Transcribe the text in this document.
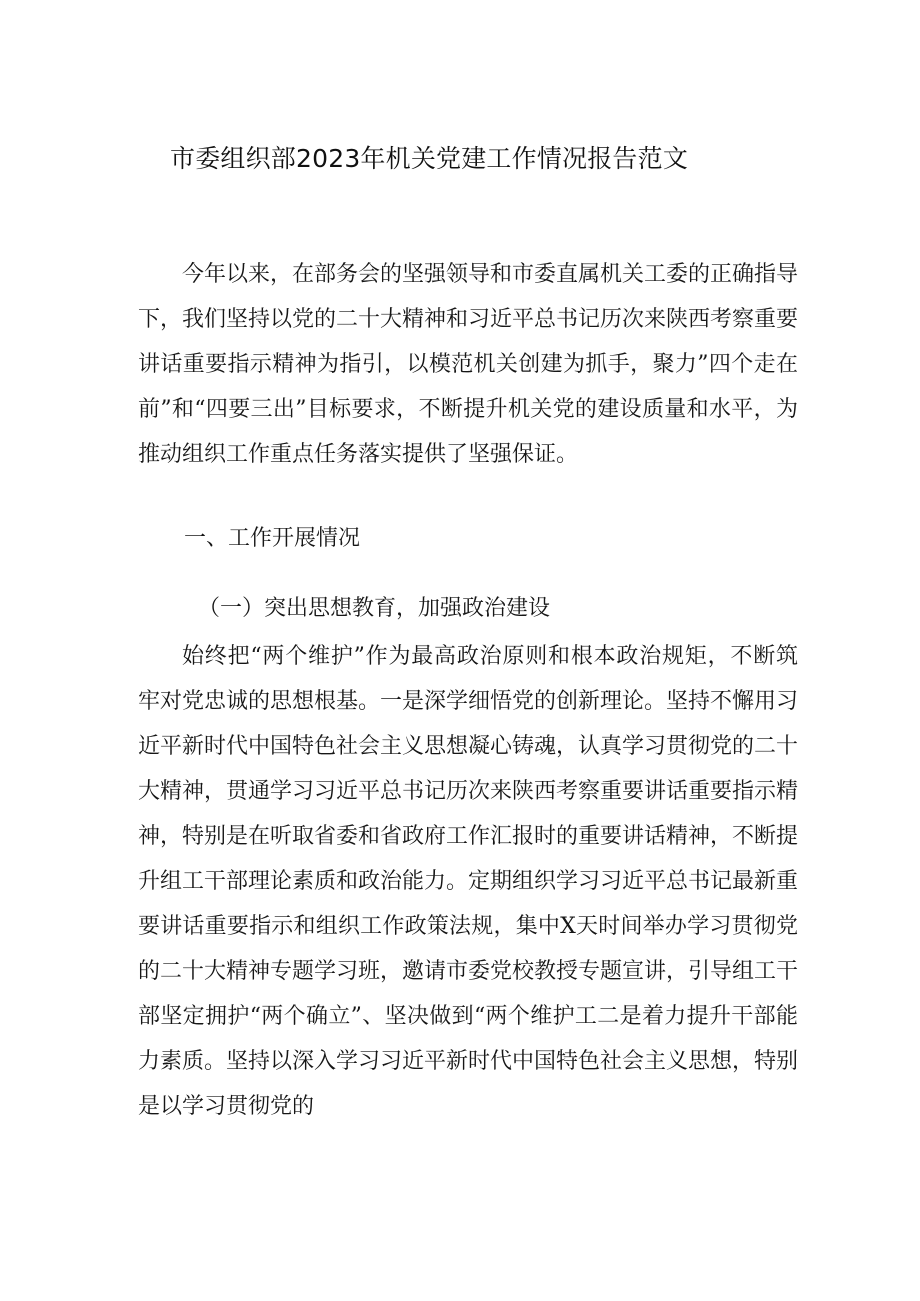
市委组织部2023年机关党建工作情况报告范文
今年以来，在部务会的坚强领导和市委直属机关工委的正确指导下，我们坚持以党的二十大精神和习近平总书记历次来陕西考察重要讲话重要指示精神为指引，以模范机关创建为抓手，聚力”四个走在前”和“四要三出”目标要求，不断提升机关党的建设质量和水平，为推动组织工作重点任务落实提供了坚强保证。
一、工作开展情况
（一）突出思想教育，加强政治建设
始终把“两个维护”作为最高政治原则和根本政治规矩，不断筑牢对党忠诚的思想根基。一是深学细悟党的创新理论。坚持不懈用习近平新时代中国特色社会主义思想凝心铸魂，认真学习贯彻党的二十大精神，贯通学习习近平总书记历次来陕西考察重要讲话重要指示精神，特别是在听取省委和省政府工作汇报时的重要讲话精神，不断提升组工干部理论素质和政治能力。定期组织学习习近平总书记最新重要讲话重要指示和组织工作政策法规，集中X天时间举办学习贯彻党的二十大精神专题学习班，邀请市委党校教授专题宣讲，引导组工干部坚定拥护“两个确立”、坚决做到“两个维护工二是着力提升干部能力素质。坚持以深入学习习近平新时代中国特色社会主义思想，特别是以学习贯彻党的
